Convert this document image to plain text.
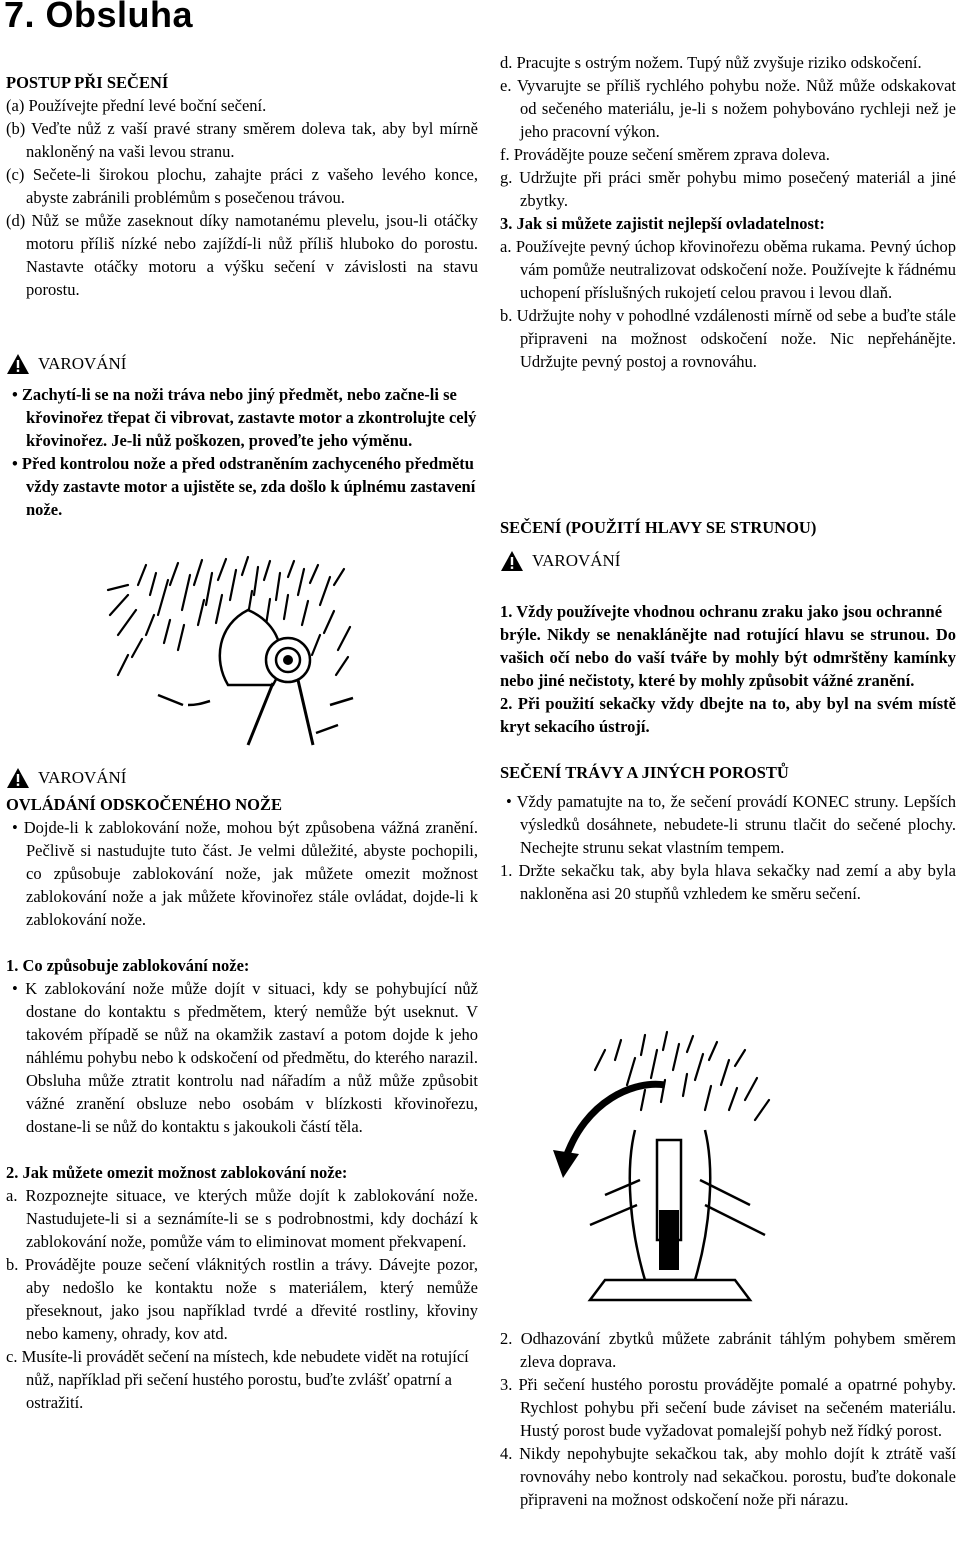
7. Obsluha

POSTUP PŘI SEČENÍ

(a) Používejte přední levé boční sečení.

(b) Veďte nůž z vaší pravé strany směrem doleva tak, aby byl mírně nakloněný na vaši levou stranu.

(c) Sečete-li širokou plochu, zahajte práci z vašeho levého konce, abyste zabránili problémům s posečenou trávou.

(d) Nůž se může zaseknout díky namotanému plevelu, jsou-li otáčky motoru příliš nízké nebo zajíždí-li nůž příliš hluboko do porostu. Nastavte otáčky motoru a výšku sečení v závislosti na stavu porostu.

VAROVÁNÍ

• Zachytí-li se na noži tráva nebo jiný předmět, nebo začne-li se křovinořez třepat či vibrovat, zastavte motor a zkontrolujte celý křovinořez. Je-li nůž poškozen, proveďte jeho výměnu.

• Před kontrolou nože a před odstraněním zachyceného předmětu vždy zastavte motor a ujistěte se, zda došlo k úplnému zastavení nože.

VAROVÁNÍ

OVLÁDÁNÍ ODSKOČENÉHO NOŽE

• Dojde-li k zablokování nože, mohou být způsobena vážná zranění. Pečlivě si nastudujte tuto část. Je velmi důležité, abyste pochopili, co způsobuje zablokování nože, jak můžete omezit možnost zablokování nože a jak můžete křovinořez stále ovládat, dojde-li k zablokování nože.

1. Co způsobuje zablokování nože:

• K zablokování nože může dojít v situaci, kdy se pohybující nůž dostane do kontaktu s předmětem, který nemůže být useknut. V takovém případě se nůž na okamžik zastaví a potom dojde k jeho náhlému pohybu nebo k odskočení od předmětu, do kterého narazil. Obsluha může ztratit kontrolu nad nářadím a nůž může způsobit vážné zranění obsluze nebo osobám v blízkosti křovinořezu, dostane-li se nůž do kontaktu s jakoukoli částí těla.

2. Jak můžete omezit možnost zablokování nože:

a. Rozpoznejte situace, ve kterých může dojít k zablokování nože. Nastudujete-li si a seznámíte-li se s podrobnostmi, kdy dochází k zablokování nože, pomůže vám to eliminovat moment překvapení.

b. Provádějte pouze sečení vláknitých rostlin a trávy. Dávejte pozor, aby nedošlo ke kontaktu nože s materiálem, který nemůže přeseknout, jako jsou například tvrdé a dřevité rostliny, křoviny nebo kameny, ohrady, kov atd.

c. Musíte-li provádět sečení na místech, kde nebudete vidět na rotující nůž, například při sečení hustého porostu, buďte zvlášť opatrní a ostražití.

d. Pracujte s ostrým nožem. Tupý nůž zvyšuje riziko odskočení.

e. Vyvarujte se příliš rychlého pohybu nože. Nůž může odskakovat od sečeného materiálu, je-li s nožem pohybováno rychleji než je jeho pracovní výkon.

f. Provádějte pouze sečení směrem zprava doleva.

g. Udržujte při práci směr pohybu mimo posečený materiál a jiné zbytky.

3. Jak si můžete zajistit nejlepší ovladatelnost:

a. Používejte pevný úchop křovinořezu oběma rukama. Pevný úchop vám pomůže neutralizovat odskočení nože. Používejte k řádnému uchopení příslušných rukojetí celou pravou i levou dlaň.

b. Udržujte nohy v pohodlné vzdálenosti mírně od sebe a buďte stále připraveni na možnost odskočení nože. Nic nepřehánějte. Udržujte pevný postoj a rovnováhu.

SEČENÍ (POUŽITÍ HLAVY SE STRUNOU)

VAROVÁNÍ

1. Vždy používejte vhodnou ochranu zraku jako jsou ochranné

brýle. Nikdy se nenaklánějte nad rotující hlavu se strunou. Do vašich očí nebo do vaší tváře by mohly být odmrštěny kamínky nebo jiné nečistoty, které by mohly způsobit vážné zranění.

2. Při použití sekačky vždy dbejte na to, aby byl na svém místě kryt sekacího ústrojí.

SEČENÍ TRÁVY A JINÝCH POROSTŮ

• Vždy pamatujte na to, že sečení provádí KONEC struny. Lepších výsledků dosáhnete, nebudete-li strunu tlačit do sečené plochy. Nechejte strunu sekat vlastním tempem.

1. Držte sekačku tak, aby byla hlava sekačky nad zemí a aby byla nakloněna asi 20 stupňů vzhledem ke směru sečení.

2. Odhazování zbytků můžete zabránit táhlým pohybem směrem zleva doprava.

3. Při sečení hustého porostu provádějte pomalé a opatrné pohyby. Rychlost pohybu při sečení bude záviset na sečeném materiálu. Hustý porost bude vyžadovat pomalejší pohyb než řídký porost.

4. Nikdy nepohybujte sekačkou tak, aby mohlo dojít k ztrátě vaší rovnováhy nebo kontroly nad sekačkou. porostu, buďte dokonale připraveni na možnost odskočení nože při nárazu.
